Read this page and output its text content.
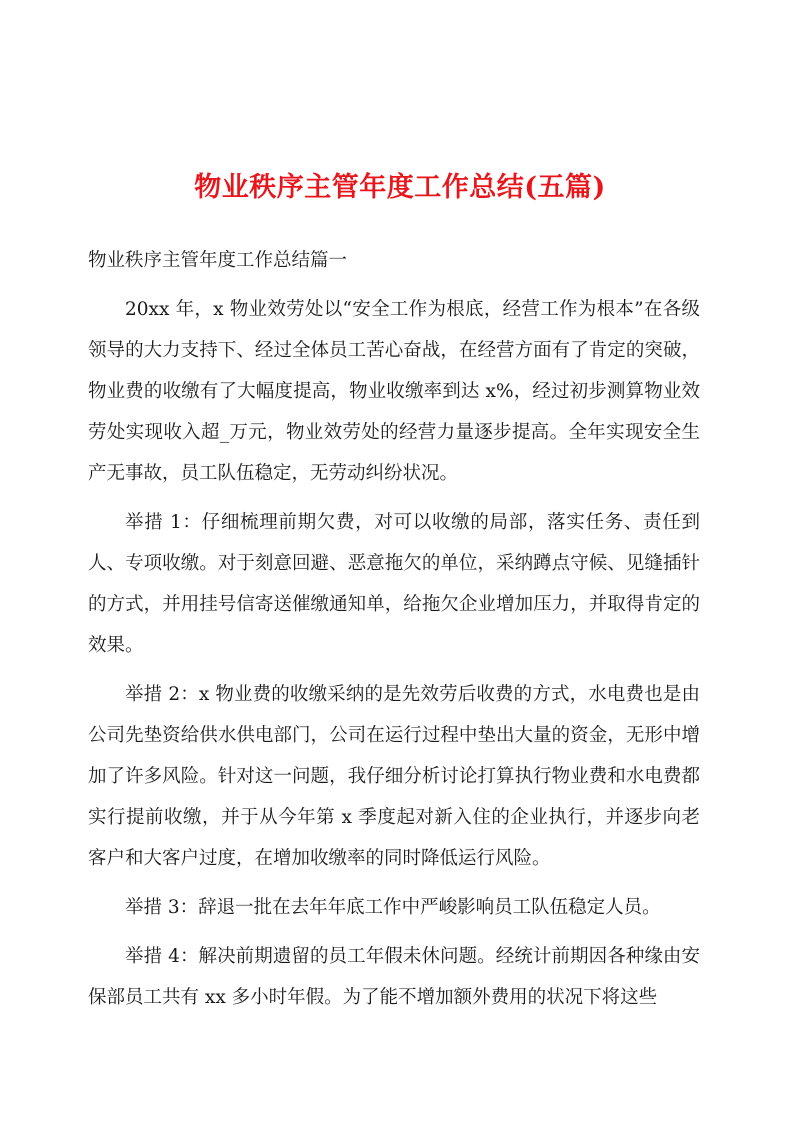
物业秩序主管年度工作总结(五篇)

物业秩序主管年度工作总结篇一

20xx 年，x 物业效劳处以“安全工作为根底，经营工作为根本”在各级领导的大力支持下、经过全体员工苦心奋战，在经营方面有了肯定的突破，物业费的收缴有了大幅度提高，物业收缴率到达 x%，经过初步测算物业效劳处实现收入超_万元，物业效劳处的经营力量逐步提高。全年实现安全生产无事故，员工队伍稳定，无劳动纠纷状况。

举措 1：仔细梳理前期欠费，对可以收缴的局部，落实任务、责任到人、专项收缴。对于刻意回避、恶意拖欠的单位，采纳蹲点守候、见缝插针的方式，并用挂号信寄送催缴通知单，给拖欠企业增加压力，并取得肯定的效果。

举措 2：x 物业费的收缴采纳的是先效劳后收费的方式，水电费也是由公司先垫资给供水供电部门，公司在运行过程中垫出大量的资金，无形中增加了许多风险。针对这一问题，我仔细分析讨论打算执行物业费和水电费都实行提前收缴，并于从今年第 x 季度起对新入住的企业执行，并逐步向老客户和大客户过度，在增加收缴率的同时降低运行风险。

举措 3：辞退一批在去年年底工作中严峻影响员工队伍稳定人员。

举措 4：解决前期遗留的员工年假未休问题。经统计前期因各种缘由安保部员工共有 xx 多小时年假。为了能不增加额外费用的状况下将这些
